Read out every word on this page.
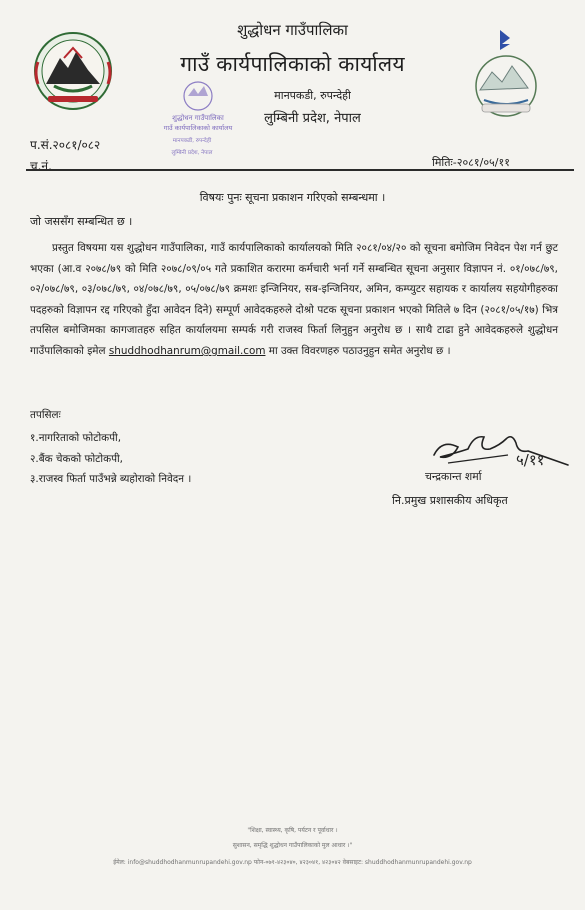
शुद्धोधन गाउँपालिका
गाउँ कार्यपालिकाको कार्यालय
मानपकडी, रुपन्देही
लुम्बिनी प्रदेश, नेपाल
शुद्धोधन गाउँपालिका
गाउँ कार्यपालिकाको कार्यालय
मानपकडी, रुपन्देही
लुम्बिनी प्रदेश, नेपाल
प.सं.२०८१/०८२
च.नं.	मितिः-२०८१/०५/११
विषयः पुनः सूचना प्रकाशन गरिएको सम्बन्धमा ।
जो जससँग सम्बन्धित छ ।

प्रस्तुत विषयमा यस शुद्धोधन गाउँपालिका, गाउँ कार्यपालिकाको कार्यालयको मिति २०८१/०४/२० को सूचना बमोजिम निवेदन पेश गर्न छुट भएका (आ.व २०७८/७९ को मिति २०७८/०९/०५ गते प्रकाशित करारमा कर्मचारी भर्ना गर्ने सम्बन्धित सूचना अनुसार विज्ञापन नं. ०१/०७८/७९, ०२/०७८/७९, ०३/०७८/७९, ०४/०७८/७९, ०५/०७८/७९ क्रमशः इन्जिनियर, सब-इन्जिनियर, अमिन, कम्प्युटर सहायक र कार्यालय सहयोगीहरुका पदहरुको विज्ञापन रद्द गरिएको हुँदा आवेदन दिने) सम्पूर्ण आवेदकहरुले दोश्रो पटक सूचना प्रकाशन भएको मितिले ७ दिन (२०८१/०५/१७) भित्र तपसिल बमोजिमका कागजातहरु सहित कार्यालयमा सम्पर्क गरी राजस्व फिर्ता लिनुहुन अनुरोध छ । साथै टाढा हुने आवेदकहरुले शुद्धोधन गाउँपालिकाको इमेल shuddhodhanrum@gmail.com मा उक्त विवरणहरु पठाउनुहुन समेत अनुरोध छ ।

तपसिलः
१.नागरिताको फोटोकपी,
२.बैंक चेकको फोटोकपी,
३.राजस्व फिर्ता पाउँभन्ने ब्यहोराको निवेदन ।
५/११
चन्द्रकान्त शर्मा
नि.प्रमुख प्रशासकीय अधिकृत
"शिक्षा, स्वास्थ्य, कृषि, पर्यटन र पूर्वाधार ।
सुशासन, समृद्धि शुद्धोधन गाउँपालिकाको मुल आधार ।"
ईमेल: info@shuddhodhanmunrupandehi.gov.np फोन-०७१-४२३०४०, ४२३०४१, ४२३०४२ वेबसाइट: shuddhodhanmunrupandehi.gov.np
